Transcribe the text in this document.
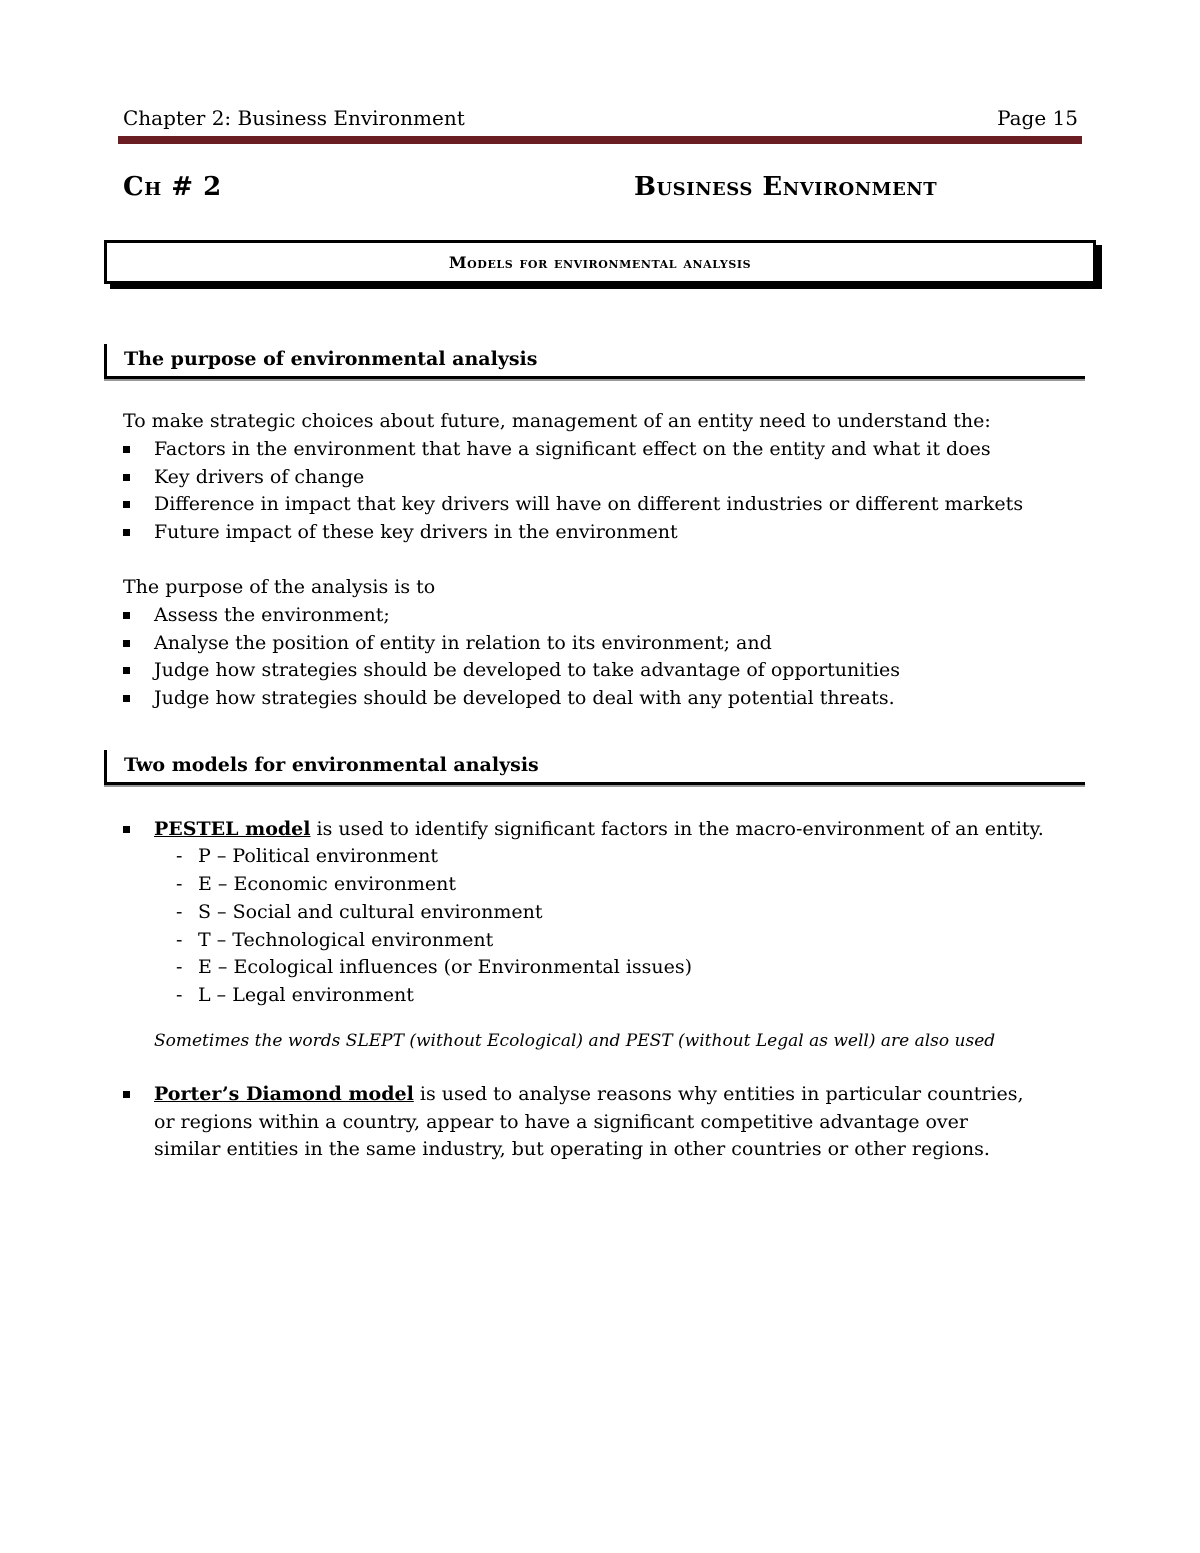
Chapter 2: Business Environment	Page 15
Ch # 2	Business Environment
Models for environmental analysis
The purpose of environmental analysis
To make strategic choices about future, management of an entity need to understand the:
Factors in the environment that have a significant effect on the entity and what it does
Key drivers of change
Difference in impact that key drivers will have on different industries or different markets
Future impact of these key drivers in the environment
The purpose of the analysis is to
Assess the environment;
Analyse the position of entity in relation to its environment; and
Judge how strategies should be developed to take advantage of opportunities
Judge how strategies should be developed to deal with any potential threats.
Two models for environmental analysis
PESTEL model is used to identify significant factors in the macro-environment of an entity.
- P – Political environment
- E – Economic environment
- S – Social and cultural environment
- T – Technological environment
- E – Ecological influences (or Environmental issues)
- L – Legal environment
Sometimes the words SLEPT (without Ecological) and PEST (without Legal as well) are also used
Porter’s Diamond model is used to analyse reasons why entities in particular countries,
or regions within a country, appear to have a significant competitive advantage over
similar entities in the same industry, but operating in other countries or other regions.
